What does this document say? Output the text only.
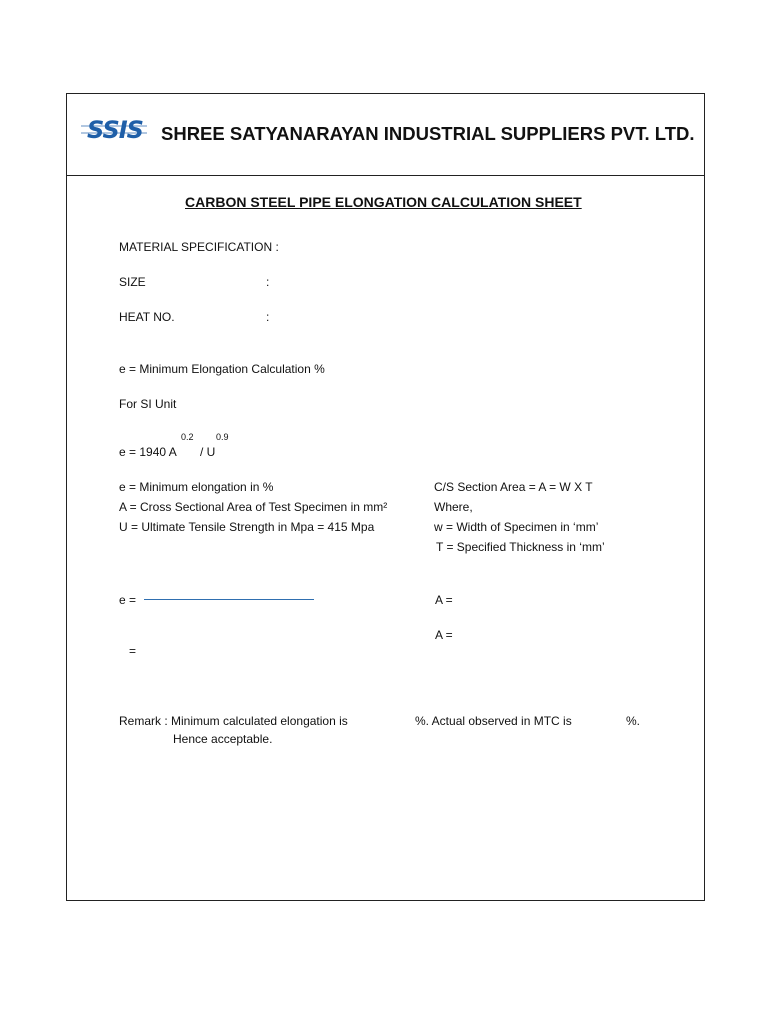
SSIS SHREE SATYANARAYAN INDUSTRIAL SUPPLIERS PVT. LTD.
CARBON STEEL PIPE ELONGATION CALCULATION SHEET
MATERIAL SPECIFICATION :
SIZE	:
HEAT NO.	:
e = Minimum Elongation Calculation %
For SI Unit
0.2 0.9
e = 1940 A / U
e = Minimum elongation in %
A = Cross Sectional Area of Test Specimen in mm²
U = Ultimate Tensile Strength in Mpa = 415 Mpa
C/S Section Area = A = W X T
Where,
w = Width of Specimen in ‘mm’
T = Specified Thickness in ‘mm’
e =
=
A =
A =
Remark : Minimum calculated elongation is	%. Actual observed in MTC is	%.
Hence acceptable.
